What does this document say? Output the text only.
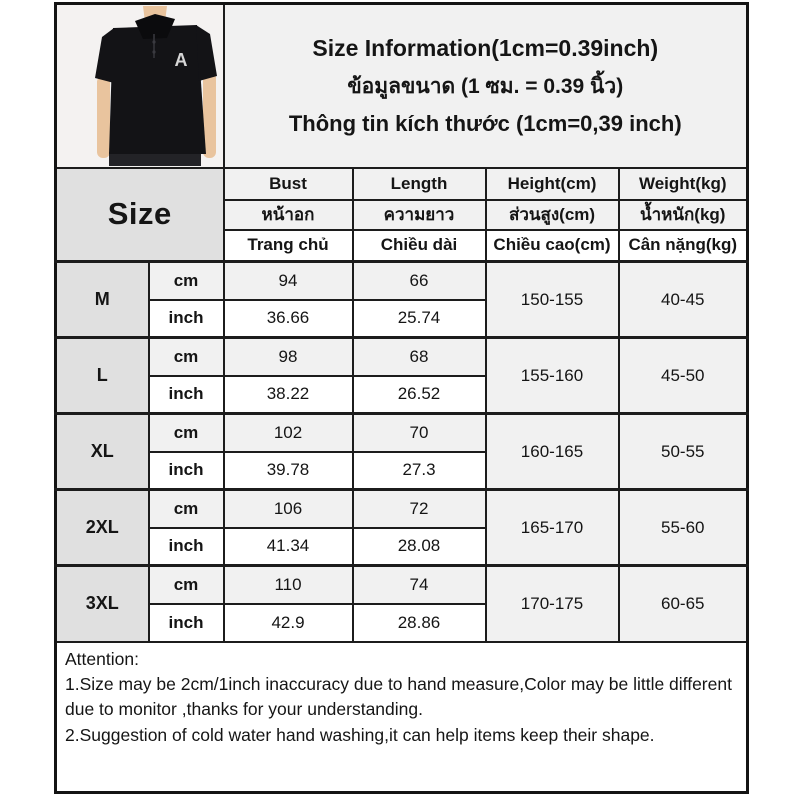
A		Size Information(1cm=0.39inch)
ข้อมูลขนาด (1 ซม. = 0.39 นิ้ว)
Thông tin kích thước (1cm=0,39 inch)			

Size		Bust	Length	Height(cm)	Weight(kg)
		หน้าอก	ความยาว	ส่วนสูง(cm)	น้ำหนัก(kg)
		Trang chủ	Chiều dài	Chiều cao(cm)	Cân nặng(kg)
M	cm	94	66	150-155	40-45
	inch	36.66	25.74		
L	cm	98	68	155-160	45-50
	inch	38.22	26.52		
XL	cm	102	70	160-165	50-55
	inch	39.78	27.3		
2XL	cm	106	72	165-170	55-60
	inch	41.34	28.08		
3XL	cm	110	74	170-175	60-65
	inch	42.9	28.86		

Attention:
1.Size may be 2cm/1inch inaccuracy due to hand measure,Color may be little different due to monitor ,thanks for your understanding.
2.Suggestion of cold water hand washing,it can help items keep their shape.					
